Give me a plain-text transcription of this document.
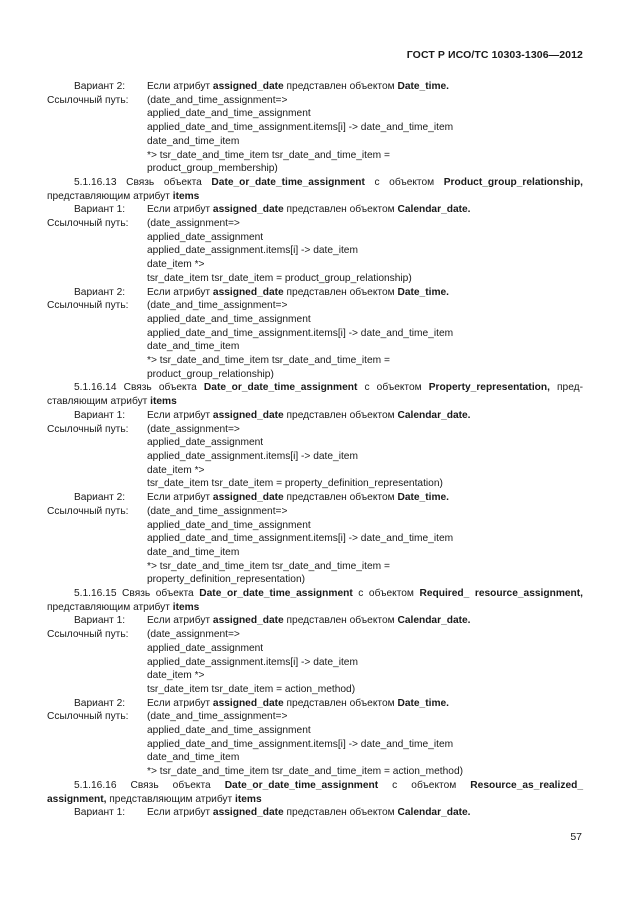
ГОСТ Р ИСО/ТС 10303-1306—2012
Вариант 2:	Если атрибут assigned_date представлен объектом Date_time.
Ссылочный путь:	(date_and_time_assignment=>
applied_date_and_time_assignment
applied_date_and_time_assignment.items[i] -> date_and_time_item
date_and_time_item
*> tsr_date_and_time_item tsr_date_and_time_item =
product_group_membership)
5.1.16.13 Связь объекта Date_or_date_time_assignment с объектом Product_group_relationship,
представляющим атрибут items
Вариант 1:	Если атрибут assigned_date представлен объектом Calendar_date.
Ссылочный путь:	(date_assignment=>
applied_date_assignment
applied_date_assignment.items[i] -> date_item
date_item *>
tsr_date_item tsr_date_item = product_group_relationship)
Вариант 2:	Если атрибут assigned_date представлен объектом Date_time.
Ссылочный путь:	(date_and_time_assignment=>
applied_date_and_time_assignment
applied_date_and_time_assignment.items[i] -> date_and_time_item
date_and_time_item
*> tsr_date_and_time_item tsr_date_and_time_item =
product_group_relationship)
5.1.16.14 Связь объекта Date_or_date_time_assignment с объектом Property_representation, пред-
ставляющим атрибут items
Вариант 1:	Если атрибут assigned_date представлен объектом Calendar_date.
Ссылочный путь:	(date_assignment=>
applied_date_assignment
applied_date_assignment.items[i] -> date_item
date_item *>
tsr_date_item tsr_date_item = property_definition_representation)
Вариант 2:	Если атрибут assigned_date представлен объектом Date_time.
Ссылочный путь:	(date_and_time_assignment=>
applied_date_and_time_assignment
applied_date_and_time_assignment.items[i] -> date_and_time_item
date_and_time_item
*> tsr_date_and_time_item tsr_date_and_time_item =
property_definition_representation)
5.1.16.15 Связь объекта Date_or_date_time_assignment с объектом Required_ resource_assignment,
представляющим атрибут items
Вариант 1:	Если атрибут assigned_date представлен объектом Calendar_date.
Ссылочный путь:	(date_assignment=>
applied_date_assignment
applied_date_assignment.items[i] -> date_item
date_item *>
tsr_date_item tsr_date_item = action_method)
Вариант 2:	Если атрибут assigned_date представлен объектом Date_time.
Ссылочный путь:	(date_and_time_assignment=>
applied_date_and_time_assignment
applied_date_and_time_assignment.items[i] -> date_and_time_item
date_and_time_item
*> tsr_date_and_time_item tsr_date_and_time_item = action_method)
5.1.16.16 Связь объекта Date_or_date_time_assignment с объектом Resource_as_realized_
assignment, представляющим атрибут items
Вариант 1:	Если атрибут assigned_date представлен объектом Calendar_date.
57
